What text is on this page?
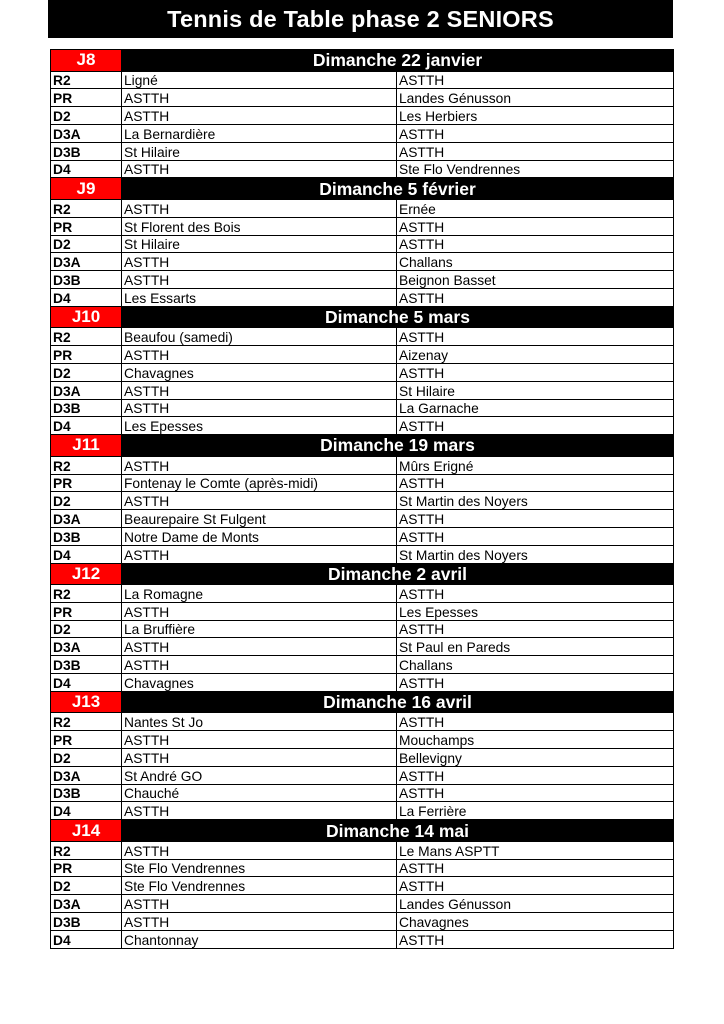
Tennis de Table phase 2 SENIORS
J8	Dimanche 22 janvier	
R2	Ligné	ASTTH
PR	ASTTH	Landes Génusson
D2	ASTTH	Les Herbiers
D3A	La Bernardière	ASTTH
D3B	St Hilaire	ASTTH
D4	ASTTH	Ste Flo Vendrennes
J9	Dimanche 5 février	
R2	ASTTH	Ernée
PR	St Florent des Bois	ASTTH
D2	St Hilaire	ASTTH
D3A	ASTTH	Challans
D3B	ASTTH	Beignon Basset
D4	Les Essarts	ASTTH
J10	Dimanche 5 mars	
R2	Beaufou (samedi)	ASTTH
PR	ASTTH	Aizenay
D2	Chavagnes	ASTTH
D3A	ASTTH	St Hilaire
D3B	ASTTH	La Garnache
D4	Les Epesses	ASTTH
J11	Dimanche 19 mars	
R2	ASTTH	Mûrs Erigné
PR	Fontenay le Comte (après-midi)	ASTTH
D2	ASTTH	St Martin des Noyers
D3A	Beaurepaire St Fulgent	ASTTH
D3B	Notre Dame de Monts	ASTTH
D4	ASTTH	St Martin des Noyers
J12	Dimanche 2 avril	
R2	La Romagne	ASTTH
PR	ASTTH	Les Epesses
D2	La Bruffière	ASTTH
D3A	ASTTH	St Paul en Pareds
D3B	ASTTH	Challans
D4	Chavagnes	ASTTH
J13	Dimanche 16 avril	
R2	Nantes St Jo	ASTTH
PR	ASTTH	Mouchamps
D2	ASTTH	Bellevigny
D3A	St André GO	ASTTH
D3B	Chauché	ASTTH
D4	ASTTH	La Ferrière
J14	Dimanche 14 mai	
R2	ASTTH	Le Mans ASPTT
PR	Ste Flo Vendrennes	ASTTH
D2	Ste Flo Vendrennes	ASTTH
D3A	ASTTH	Landes Génusson
D3B	ASTTH	Chavagnes
D4	Chantonnay	ASTTH
